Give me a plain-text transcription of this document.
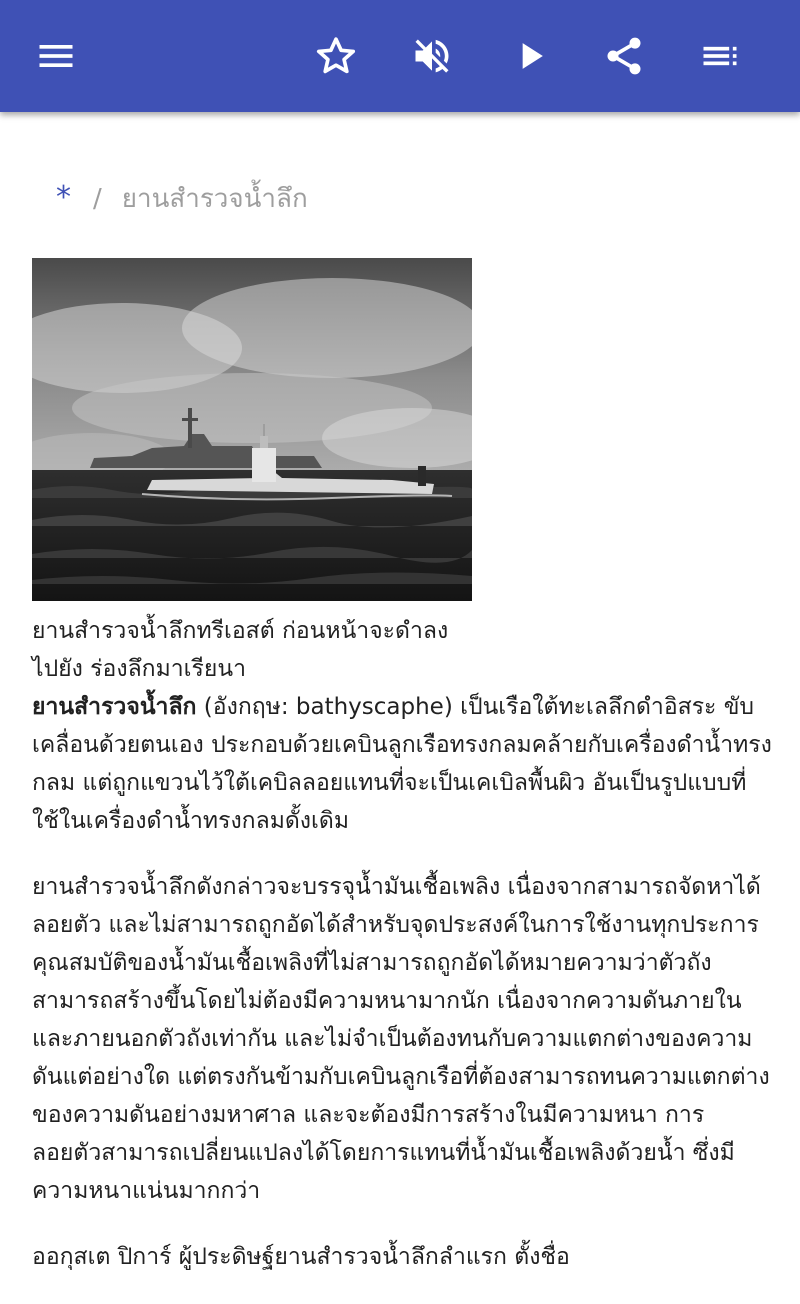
* / ยานสำรวจน้ำลึก
ยานสำรวจน้ำลึกทรีเอสต์ ก่อนหน้าจะดำลงไปยัง ร่องลึกมาเรียนา

ยานสำรวจน้ำลึก (อังกฤษ: bathyscaphe) เป็นเรือใต้ทะเลลึกดำอิสระ ขับเคลื่อนด้วยตนเอง ประกอบด้วยเคบินลูกเรือทรงกลมคล้ายกับเครื่องดำน้ำทรงกลม แต่ถูกแขวนไว้ใต้เคบิลลอยแทนที่จะเป็นเคเบิลพื้นผิว อันเป็นรูปแบบที่ใช้ในเครื่องดำน้ำทรงกลมดั้งเดิม

ยานสำรวจน้ำลึกดังกล่าวจะบรรจุน้ำมันเชื้อเพลิง เนื่องจากสามารถจัดหาได้ ลอยตัว และไม่สามารถถูกอัดได้สำหรับจุดประสงค์ในการใช้งานทุกประการ คุณสมบัติของน้ำมันเชื้อเพลิงที่ไม่สามารถถูกอัดได้หมายความว่าตัวถังสามารถสร้างขึ้นโดยไม่ต้องมีความหนามากนัก เนื่องจากความดันภายในและภายนอกตัวถังเท่ากัน และไม่จำเป็นต้องทนกับความแตกต่างของความดันแต่อย่างใด แต่ตรงกันข้ามกับเคบินลูกเรือที่ต้องสามารถทนความแตกต่างของความดันอย่างมหาศาล และจะต้องมีการสร้างในมีความหนา การลอยตัวสามารถเปลี่ยนแปลงได้โดยการแทนที่น้ำมันเชื้อเพลิงด้วยน้ำ ซึ่งมีความหนาแน่นมากกว่า

ออกุสเต ปิการ์ ผู้ประดิษฐ์ยานสำรวจน้ำลึกลำแรก ตั้งชื่อ
